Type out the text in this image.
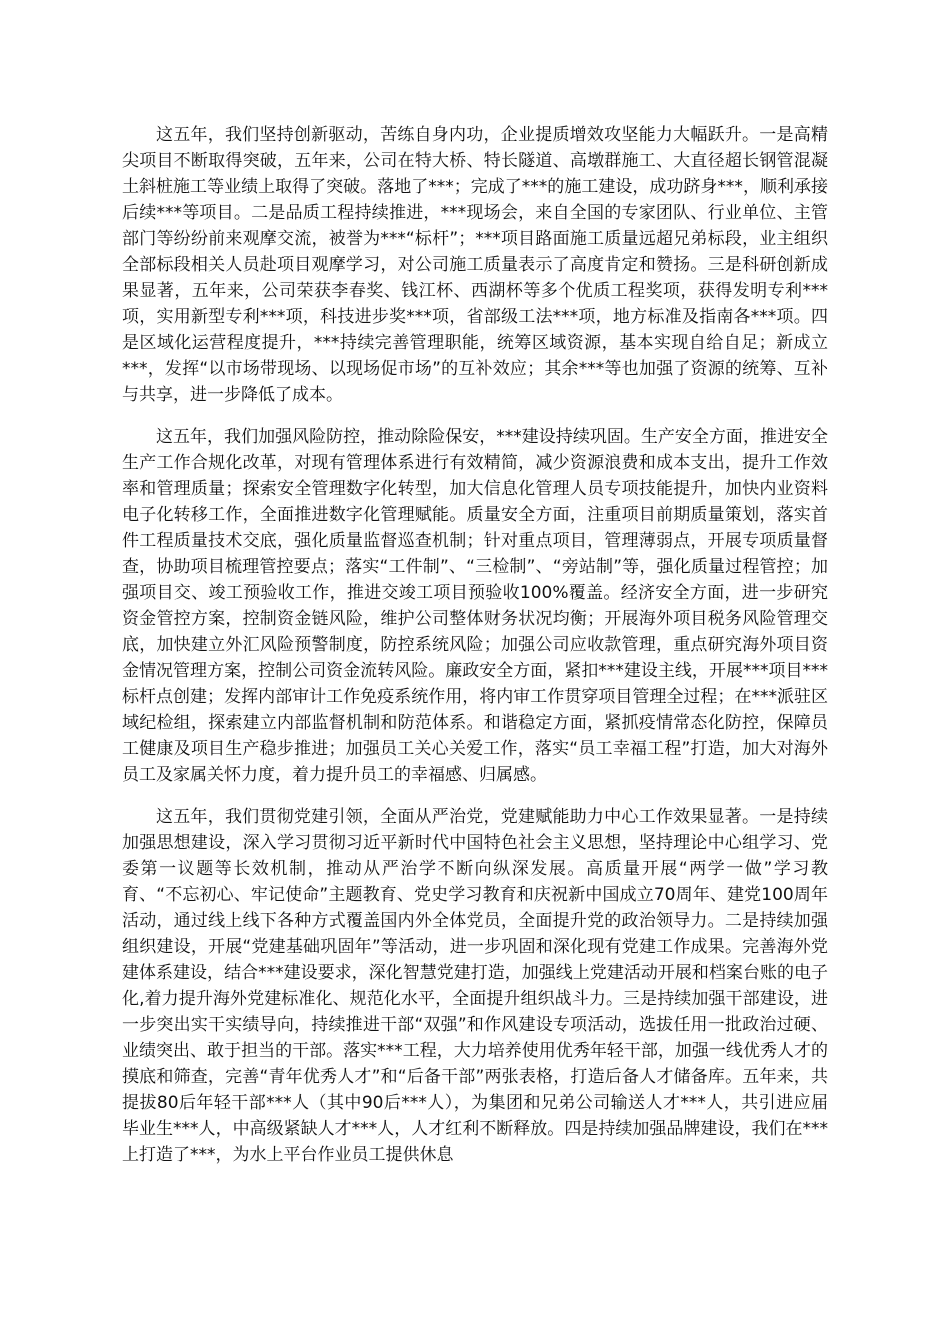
这五年，我们坚持创新驱动，苦练自身内功，企业提质增效攻坚能力大幅跃升。一是高精尖项目不断取得突破，五年来，公司在特大桥、特长隧道、高墩群施工、大直径超长钢管混凝土斜桩施工等业绩上取得了突破。落地了***；完成了***的施工建设，成功跻身***，顺利承接后续***等项目。二是品质工程持续推进，***现场会，来自全国的专家团队、行业单位、主管部门等纷纷前来观摩交流，被誉为***“标杆”；***项目路面施工质量远超兄弟标段，业主组织全部标段相关人员赴项目观摩学习，对公司施工质量表示了高度肯定和赞扬。三是科研创新成果显著，五年来，公司荣获李春奖、钱江杯、西湖杯等多个优质工程奖项，获得发明专利***项，实用新型专利***项，科技进步奖***项，省部级工法***项，地方标准及指南各***项。四是区域化运营程度提升，***持续完善管理职能，统筹区域资源，基本实现自给自足；新成立***，发挥“以市场带现场、以现场促市场”的互补效应；其余***等也加强了资源的统筹、互补与共享，进一步降低了成本。

这五年，我们加强风险防控，推动除险保安，***建设持续巩固。生产安全方面，推进安全生产工作合规化改革，对现有管理体系进行有效精简，减少资源浪费和成本支出，提升工作效率和管理质量；探索安全管理数字化转型，加大信息化管理人员专项技能提升，加快内业资料电子化转移工作，全面推进数字化管理赋能。质量安全方面，注重项目前期质量策划，落实首件工程质量技术交底，强化质量监督巡查机制；针对重点项目，管理薄弱点，开展专项质量督查，协助项目梳理管控要点；落实“工件制”、“三检制”、“旁站制”等，强化质量过程管控；加强项目交、竣工预验收工作，推进交竣工项目预验收100%覆盖。经济安全方面，进一步研究资金管控方案，控制资金链风险，维护公司整体财务状况均衡；开展海外项目税务风险管理交底，加快建立外汇风险预警制度，防控系统风险；加强公司应收款管理，重点研究海外项目资金情况管理方案，控制公司资金流转风险。廉政安全方面，紧扣***建设主线，开展***项目***标杆点创建；发挥内部审计工作免疫系统作用，将内审工作贯穿项目管理全过程；在***派驻区域纪检组，探索建立内部监督机制和防范体系。和谐稳定方面，紧抓疫情常态化防控，保障员工健康及项目生产稳步推进；加强员工关心关爱工作，落实“员工幸福工程”打造，加大对海外员工及家属关怀力度，着力提升员工的幸福感、归属感。

这五年，我们贯彻党建引领，全面从严治党，党建赋能助力中心工作效果显著。一是持续加强思想建设，深入学习贯彻习近平新时代中国特色社会主义思想，坚持理论中心组学习、党委第一议题等长效机制，推动从严治学不断向纵深发展。高质量开展“两学一做”学习教育、“不忘初心、牢记使命”主题教育、党史学习教育和庆祝新中国成立70周年、建党100周年活动，通过线上线下各种方式覆盖国内外全体党员，全面提升党的政治领导力。二是持续加强组织建设，开展“党建基础巩固年”等活动，进一步巩固和深化现有党建工作成果。完善海外党建体系建设，结合***建设要求，深化智慧党建打造，加强线上党建活动开展和档案台账的电子化,着力提升海外党建标准化、规范化水平，全面提升组织战斗力。三是持续加强干部建设，进一步突出实干实绩导向，持续推进干部“双强”和作风建设专项活动，选拔任用一批政治过硬、业绩突出、敢于担当的干部。落实***工程，大力培养使用优秀年轻干部，加强一线优秀人才的摸底和筛查，完善“青年优秀人才”和“后备干部”两张表格，打造后备人才储备库。五年来，共提拔80后年轻干部***人（其中90后***人），为集团和兄弟公司输送人才***人，共引进应届毕业生***人，中高级紧缺人才***人，人才红利不断释放。四是持续加强品牌建设，我们在***上打造了***，为水上平台作业员工提供休息
